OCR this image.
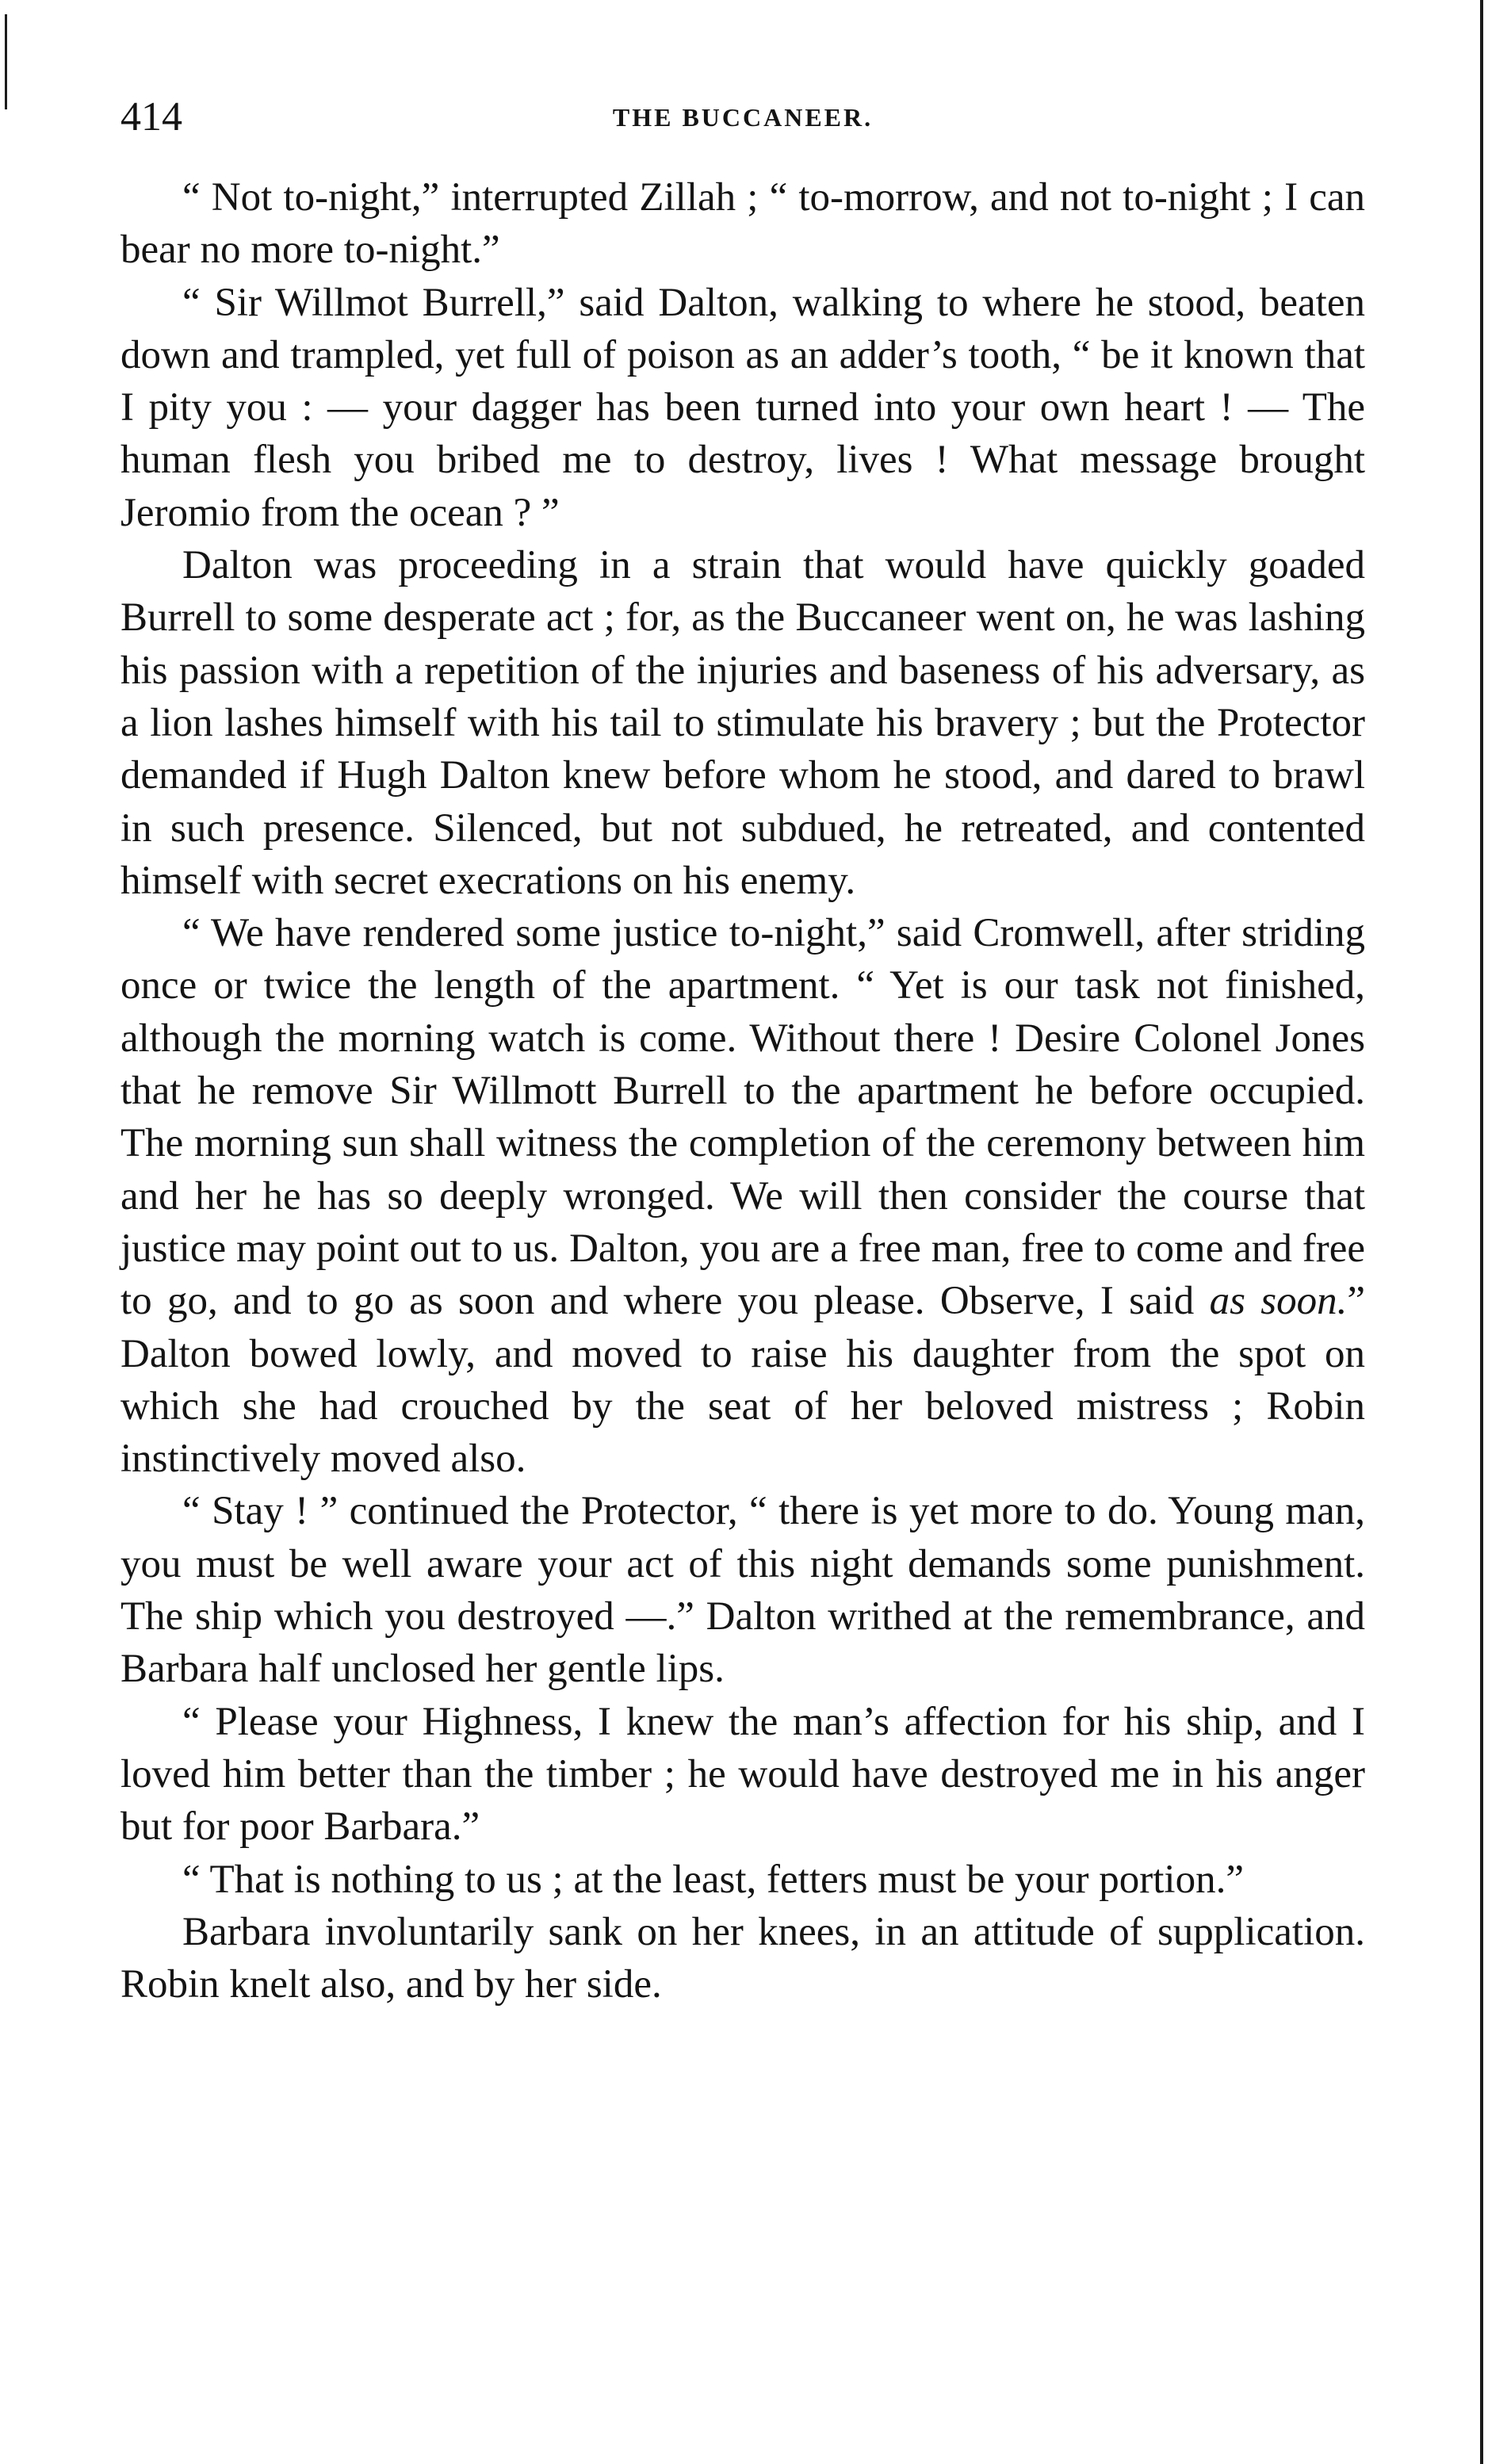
414	THE BUCCANEER.

“ Not to-night,” interrupted Zillah ; “ to-morrow, and not to-night ; I can bear no more to-night.”

“ Sir Willmot Burrell,” said Dalton, walking to where he stood, beaten down and trampled, yet full of poison as an adder’s tooth, “ be it known that I pity you : — your dagger has been turned into your own heart ! — The human flesh you bribed me to destroy, lives ! What message brought Jeromio from the ocean ? ”

Dalton was proceeding in a strain that would have quickly goaded Burrell to some desperate act ; for, as the Buccaneer went on, he was lashing his passion with a repetition of the injuries and baseness of his adversary, as a lion lashes himself with his tail to stimulate his bravery ; but the Protector demanded if Hugh Dalton knew before whom he stood, and dared to brawl in such presence. Silenced, but not subdued, he retreated, and contented himself with secret execrations on his enemy.

“ We have rendered some justice to-night,” said Cromwell, after striding once or twice the length of the apartment. “ Yet is our task not finished, although the morning watch is come. Without there ! Desire Colonel Jones that he remove Sir Willmott Burrell to the apartment he before occupied. The morning sun shall witness the completion of the ceremony between him and her he has so deeply wronged. We will then consider the course that justice may point out to us. Dalton, you are a free man, free to come and free to go, and to go as soon and where you please. Observe, I said as soon.” Dalton bowed lowly, and moved to raise his daughter from the spot on which she had crouched by the seat of her beloved mistress ; Robin instinctively moved also.

“ Stay ! ” continued the Protector, “ there is yet more to do. Young man, you must be well aware your act of this night demands some punishment. The ship which you destroyed —.” Dalton writhed at the remembrance, and Barbara half unclosed her gentle lips.

“ Please your Highness, I knew the man’s affection for his ship, and I loved him better than the timber ; he would have destroyed me in his anger but for poor Barbara.”

“ That is nothing to us ; at the least, fetters must be your portion.”

Barbara involuntarily sank on her knees, in an attitude of supplication. Robin knelt also, and by her side.
